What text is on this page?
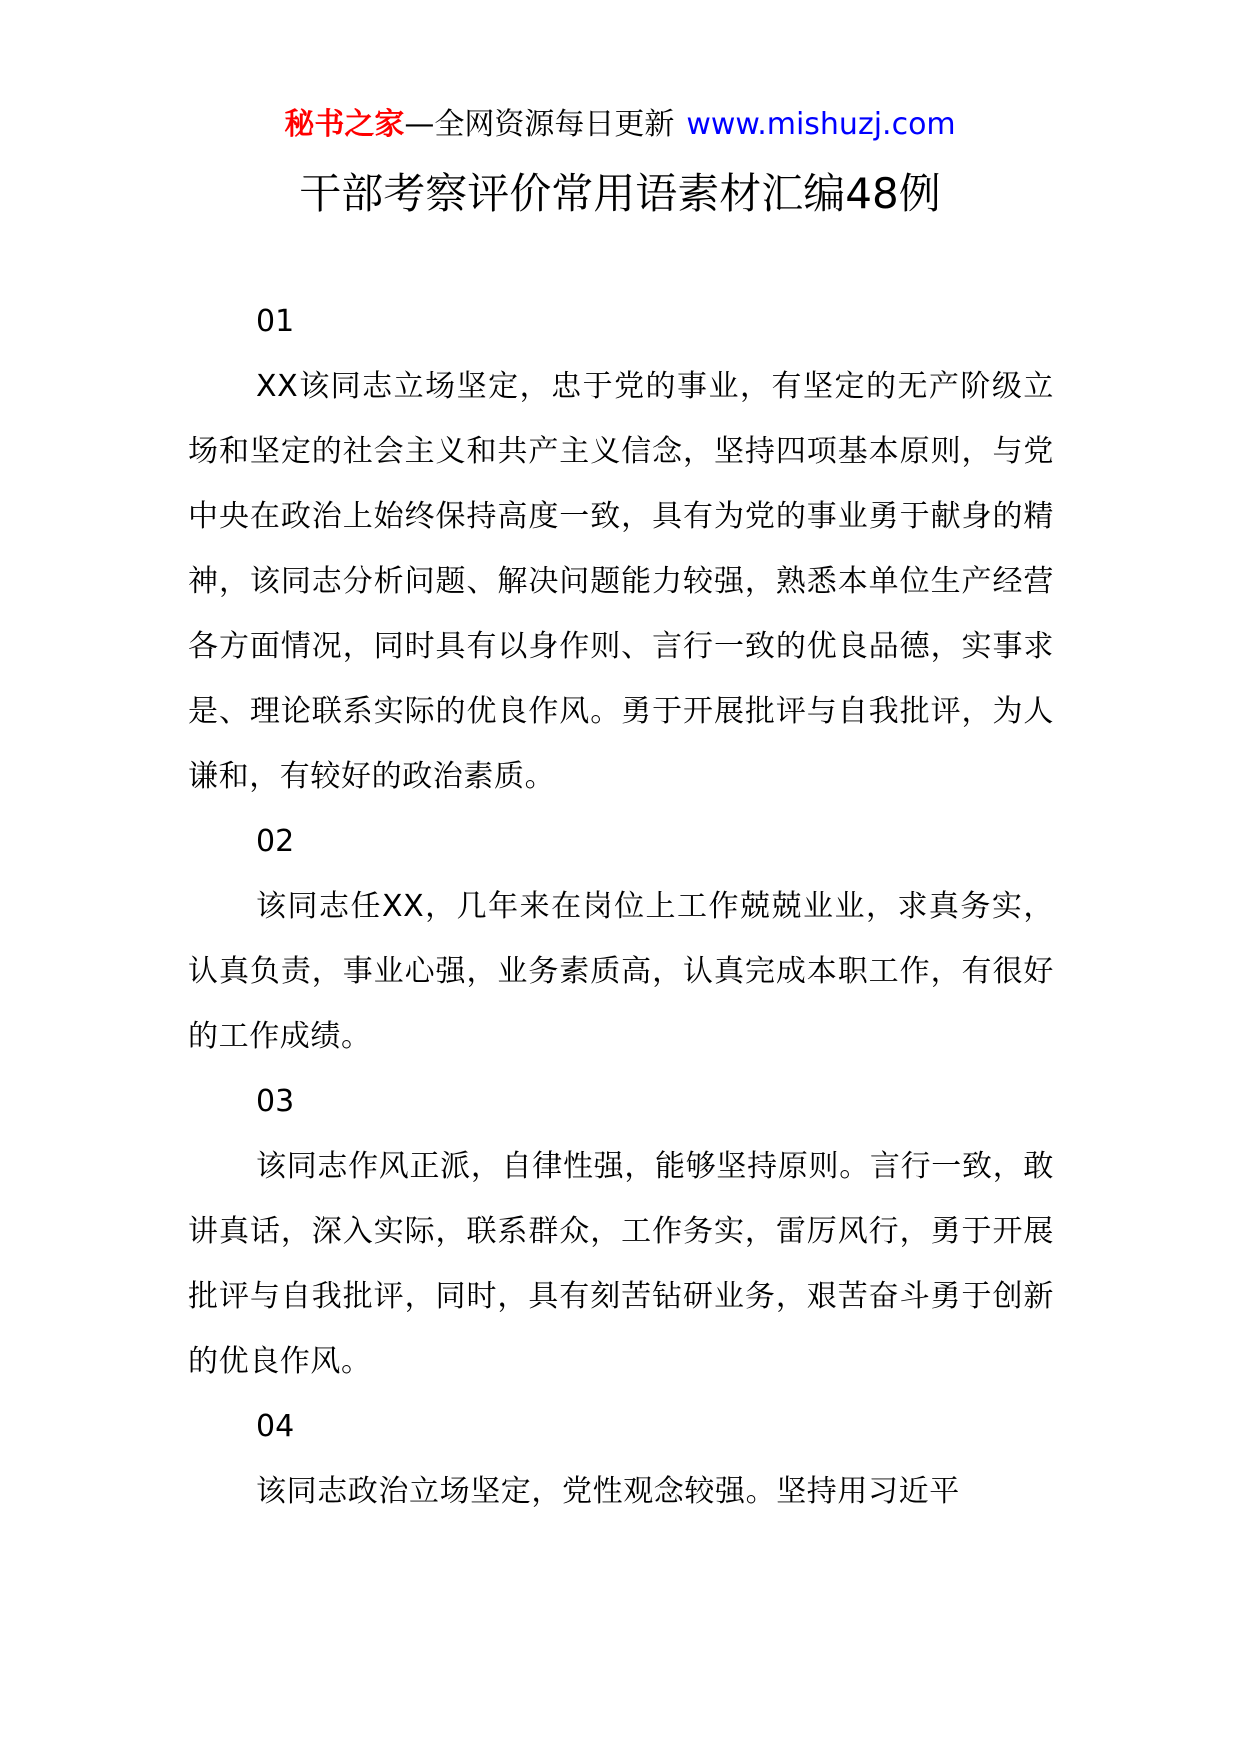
秘书之家—全网资源每日更新 www.mishuzj.com
干部考察评价常用语素材汇编48例
01

XX该同志立场坚定，忠于党的事业，有坚定的无产阶级立场和坚定的社会主义和共产主义信念，坚持四项基本原则，与党中央在政治上始终保持高度一致，具有为党的事业勇于献身的精神，该同志分析问题、解决问题能力较强，熟悉本单位生产经营各方面情况，同时具有以身作则、言行一致的优良品德，实事求是、理论联系实际的优良作风。勇于开展批评与自我批评，为人谦和，有较好的政治素质。

02

该同志任XX，几年来在岗位上工作兢兢业业，求真务实，认真负责，事业心强，业务素质高，认真完成本职工作，有很好的工作成绩。

03

该同志作风正派，自律性强，能够坚持原则。言行一致，敢讲真话，深入实际，联系群众，工作务实，雷厉风行，勇于开展批评与自我批评，同时，具有刻苦钻研业务，艰苦奋斗勇于创新的优良作风。

04

该同志政治立场坚定，党性观念较强。坚持用习近平
